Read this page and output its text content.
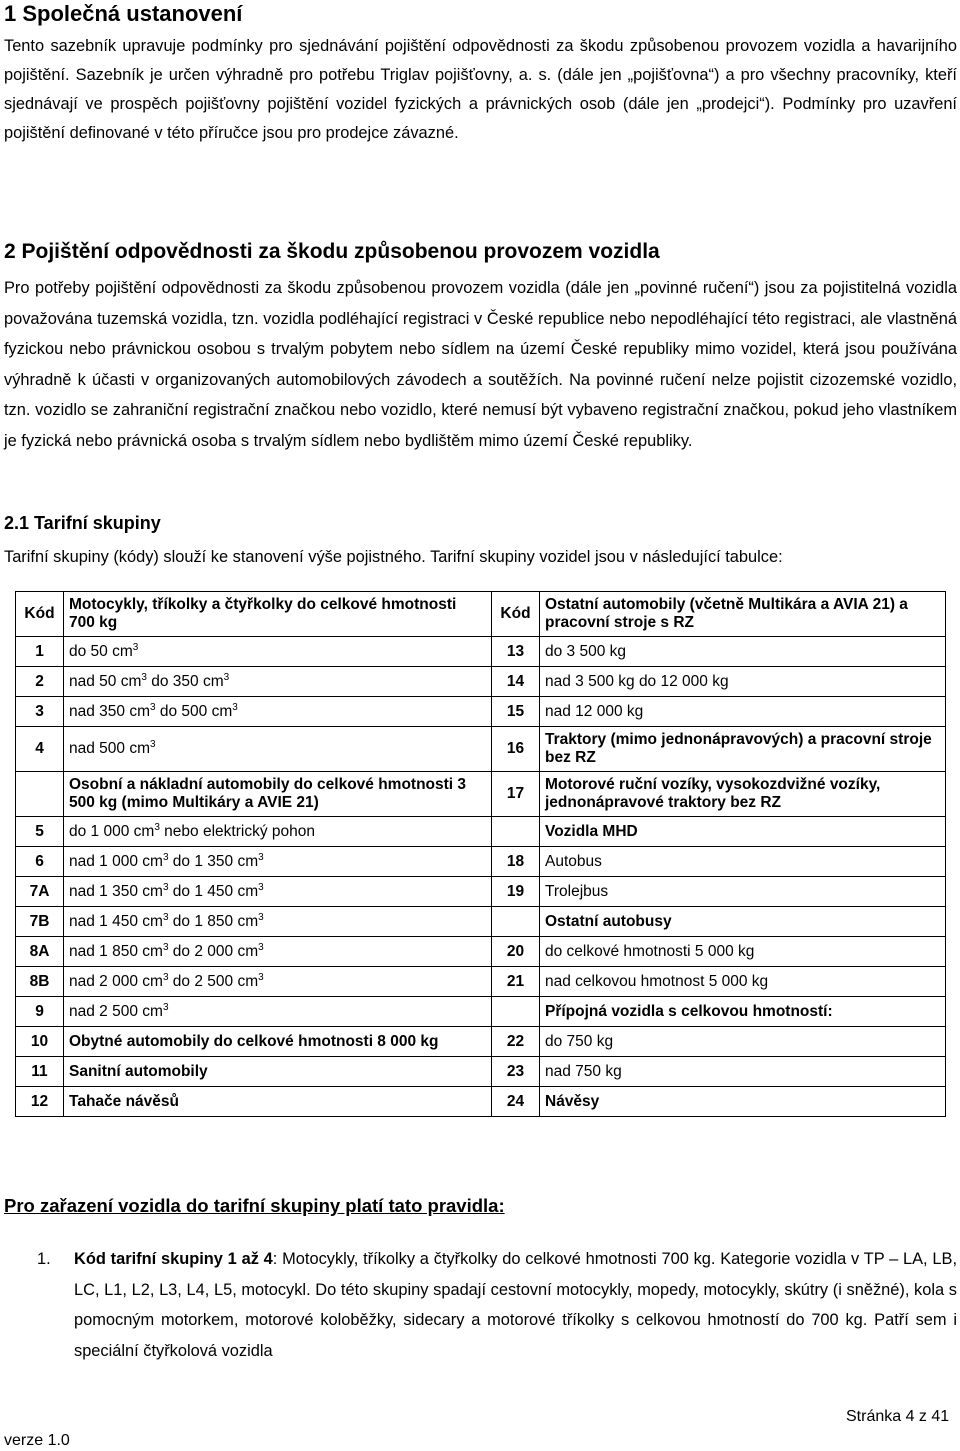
1 Společná ustanovení

Tento sazebník upravuje podmínky pro sjednávání pojištění odpovědnosti za škodu způsobenou provozem vozidla a havarijního pojištění. Sazebník je určen výhradně pro potřebu Triglav pojišťovny, a. s. (dále jen „pojišťovna“) a pro všechny pracovníky, kteří sjednávají ve prospěch pojišťovny pojištění vozidel fyzických a právnických osob (dále jen „prodejci“). Podmínky pro uzavření pojištění definované v této příručce jsou pro prodejce závazné.

2 Pojištění odpovědnosti za škodu způsobenou provozem vozidla

Pro potřeby pojištění odpovědnosti za škodu způsobenou provozem vozidla (dále jen „povinné ručení“) jsou za pojistitelná vozidla považována tuzemská vozidla, tzn. vozidla podléhající registraci v České republice nebo nepodléhající této registraci, ale vlastněná fyzickou nebo právnickou osobou s trvalým pobytem nebo sídlem na území České republiky mimo vozidel, která jsou používána výhradně k účasti v organizovaných automobilových závodech a soutěžích. Na povinné ručení nelze pojistit cizozemské vozidlo, tzn. vozidlo se zahraniční registrační značkou nebo vozidlo, které nemusí být vybaveno registrační značkou, pokud jeho vlastníkem je fyzická nebo právnická osoba s trvalým sídlem nebo bydlištěm mimo území České republiky.

2.1 Tarifní skupiny

Tarifní skupiny (kódy) slouží ke stanovení výše pojistného. Tarifní skupiny vozidel jsou v následující tabulce:

Kód	Motocykly, tříkolky a čtyřkolky do celkové hmotnosti 700 kg	Kód	Ostatní automobily (včetně Multikára a AVIA 21) a pracovní stroje s RZ
1	do 50 $cm^3$	13	do 3 500 kg
2	nad 50 $cm^3$ do 350 $cm^3$	14	nad 3 500 kg do 12 000 kg
3	nad 350 $cm^3$ do 500 $cm^3$	15	nad 12 000 kg
4	nad 500 $cm^3$	16	Traktory (mimo jednonápravových) a pracovní stroje bez RZ
	Osobní a nákladní automobily do celkové hmotnosti 3 500 kg (mimo Multikáry a AVIE 21)	17	Motorové ruční vozíky, vysokozdvižné vozíky, jednonápravové traktory bez RZ
5	do 1 000 $cm^3$ nebo elektrický pohon		Vozidla MHD
6	nad 1 000 $cm^3$ do 1 350 $cm^3$	18	Autobus
7A	nad 1 350 $cm^3$ do 1 450 $cm^3$	19	Trolejbus
7B	nad 1 450 $cm^3$ do 1 850 $cm^3$		Ostatní autobusy
8A	nad 1 850 $cm^3$ do 2 000 $cm^3$	20	do celkové hmotnosti 5 000 kg
8B	nad 2 000 $cm^3$ do 2 500 $cm^3$	21	nad celkovou hmotnost 5 000 kg
9	nad 2 500 $cm^3$		Přípojná vozidla s celkovou hmotností:
10	Obytné automobily do celkové hmotnosti 8 000 kg	22	do 750 kg
11	Sanitní automobily	23	nad 750 kg
12	Tahače návěsů	24	Návěsy
Pro zařazení vozidla do tarifní skupiny platí tato pravidla:
1.	Kód tarifní skupiny 1 až 4: Motocykly, tříkolky a čtyřkolky do celkové hmotnosti 700 kg. Kategorie vozidla v TP – LA, LB, LC, L1, L2, L3, L4, L5, motocykl. Do této skupiny spadají cestovní motocykly, mopedy, motocykly, skútry (i sněžné), kola s pomocným motorkem, motorové koloběžky, sidecary a motorové tříkolky s celkovou hmotností do 700 kg. Patří sem i speciální čtyřkolová vozidla
Stránka 4 z 41
verze 1.0
